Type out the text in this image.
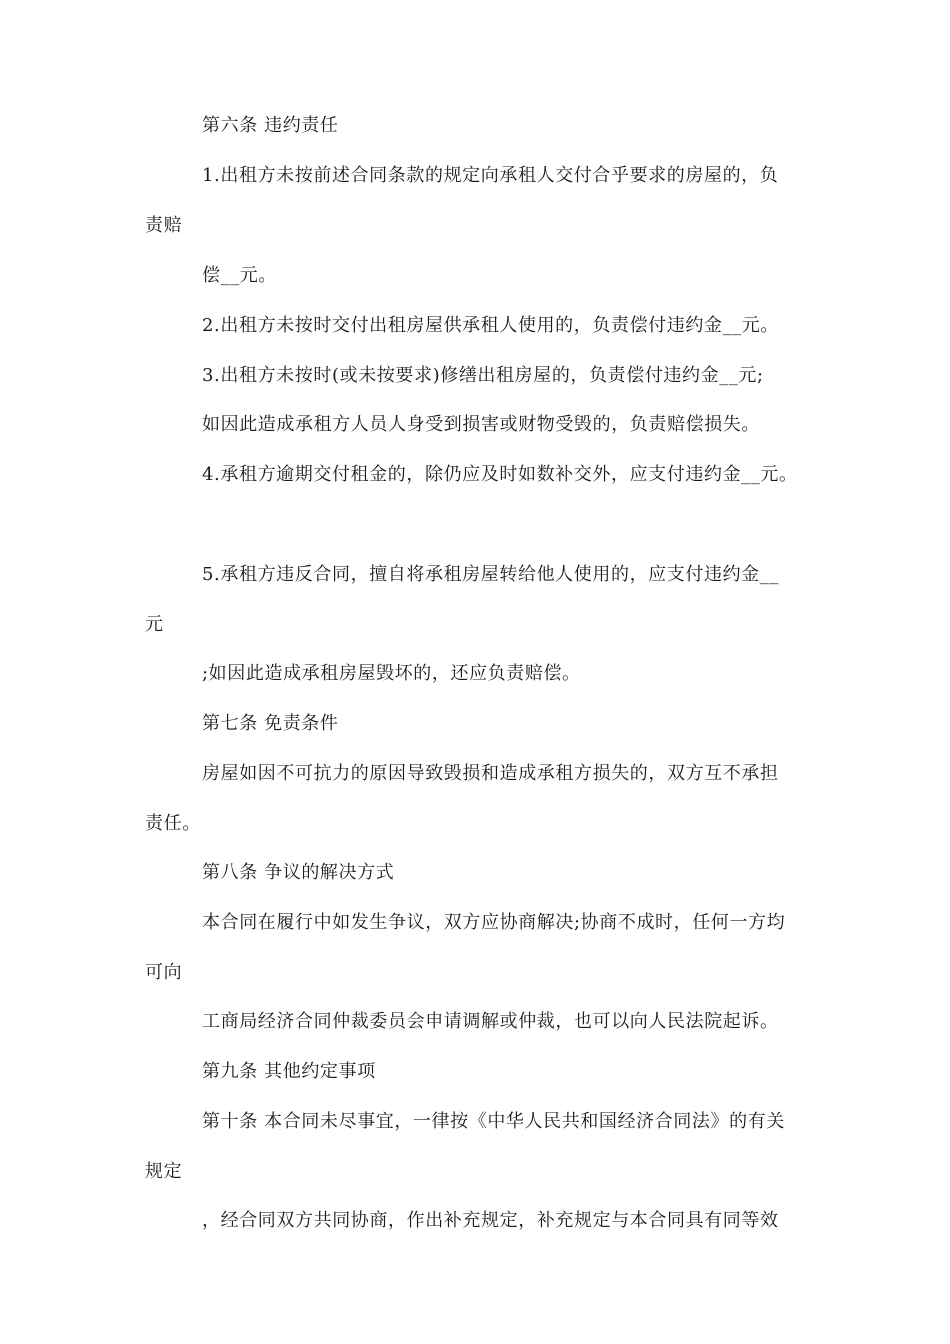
第六条 违约责任
1.出租方未按前述合同条款的规定向承租人交付合乎要求的房屋的，负
责赔
偿__元。
2.出租方未按时交付出租房屋供承租人使用的，负责偿付违约金__元。
3.出租方未按时(或未按要求)修缮出租房屋的，负责偿付违约金__元;
如因此造成承租方人员人身受到损害或财物受毁的，负责赔偿损失。
4.承租方逾期交付租金的，除仍应及时如数补交外，应支付违约金__元。
5.承租方违反合同，擅自将承租房屋转给他人使用的，应支付违约金__
元
;如因此造成承租房屋毁坏的，还应负责赔偿。
第七条 免责条件
房屋如因不可抗力的原因导致毁损和造成承租方损失的，双方互不承担
责任。
第八条 争议的解决方式
本合同在履行中如发生争议，双方应协商解决;协商不成时，任何一方均
可向
工商局经济合同仲裁委员会申请调解或仲裁，也可以向人民法院起诉。
第九条 其他约定事项
第十条 本合同未尽事宜，一律按《中华人民共和国经济合同法》的有关
规定
，经合同双方共同协商，作出补充规定，补充规定与本合同具有同等效
